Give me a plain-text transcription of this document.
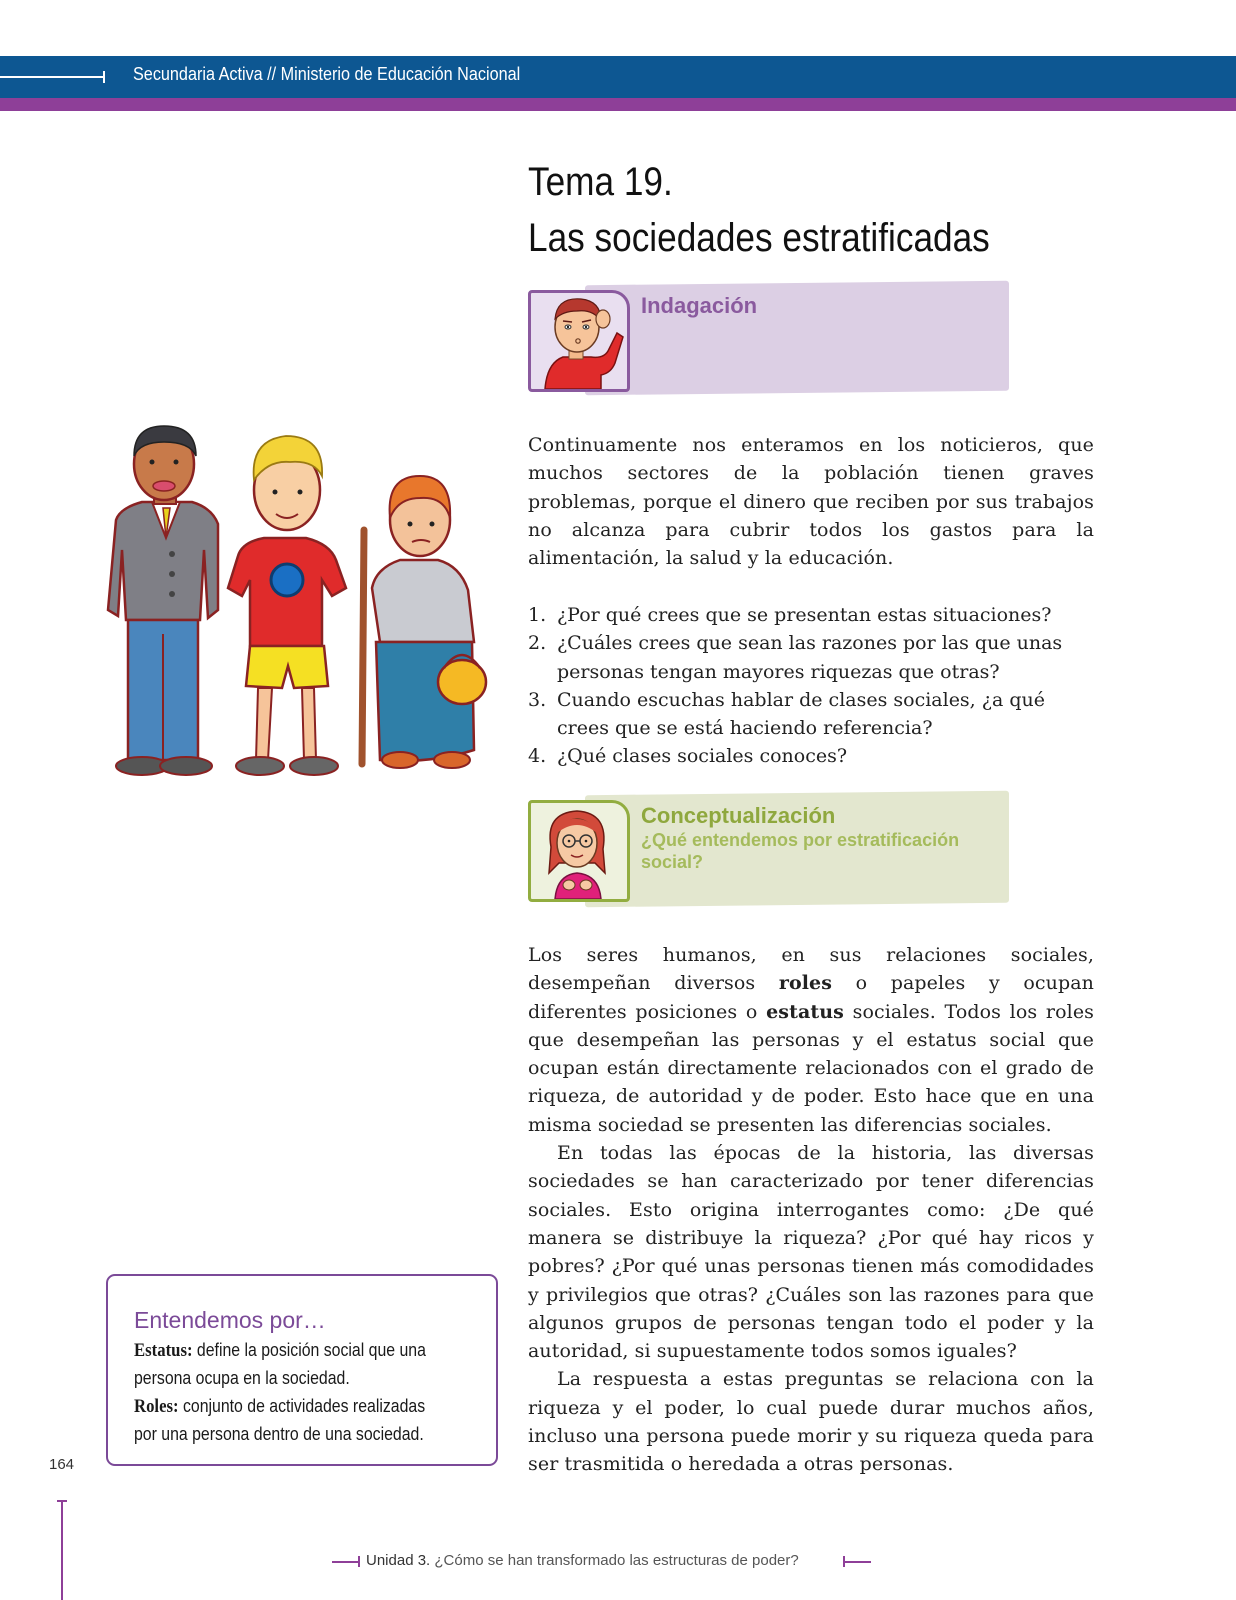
Secundaria Activa // Ministerio de Educación Nacional
Tema 19.
Las sociedades estratificadas
Indagación
Continuamente nos enteramos en los noticieros, que muchos sectores de la población tienen graves problemas, porque el dinero que reciben por sus trabajos no alcanza para cubrir todos los gastos para la alimentación, la salud y la educación.
1. ¿Por qué crees que se presentan estas situaciones?
2. ¿Cuáles crees que sean las razones por las que unas personas tengan mayores riquezas que otras?
3. Cuando escuchas hablar de clases sociales, ¿a qué crees que se está haciendo referencia?
4. ¿Qué clases sociales conoces?
Conceptualización
¿Qué entendemos por estratificación social?

Los seres humanos, en sus relaciones sociales, desempeñan diversos roles o papeles y ocupan diferentes posiciones o estatus sociales. Todos los roles que desempeñan las personas y el estatus social que ocupan están directamente relacionados con el grado de riqueza, de autoridad y de poder. Esto hace que en una misma sociedad se presenten las diferencias sociales.

En todas las épocas de la historia, las diversas sociedades se han caracterizado por tener diferencias sociales. Esto origina interrogantes como: ¿De qué manera se distribuye la riqueza? ¿Por qué hay ricos y pobres? ¿Por qué unas personas tienen más comodidades y privilegios que otras? ¿Cuáles son las razones para que algunos grupos de personas tengan todo el poder y la autoridad, si supuestamente todos somos iguales?

La respuesta a estas preguntas se relaciona con la riqueza y el poder, lo cual puede durar muchos años, incluso una persona puede morir y su riqueza queda para ser trasmitida o heredada a otras personas.

Entendemos por…
Estatus: define la posición social que una
persona ocupa en la sociedad.
Roles: conjunto de actividades realizadas
por una persona dentro de una sociedad.
164
Unidad 3. ¿Cómo se han transformado las estructuras de poder?
